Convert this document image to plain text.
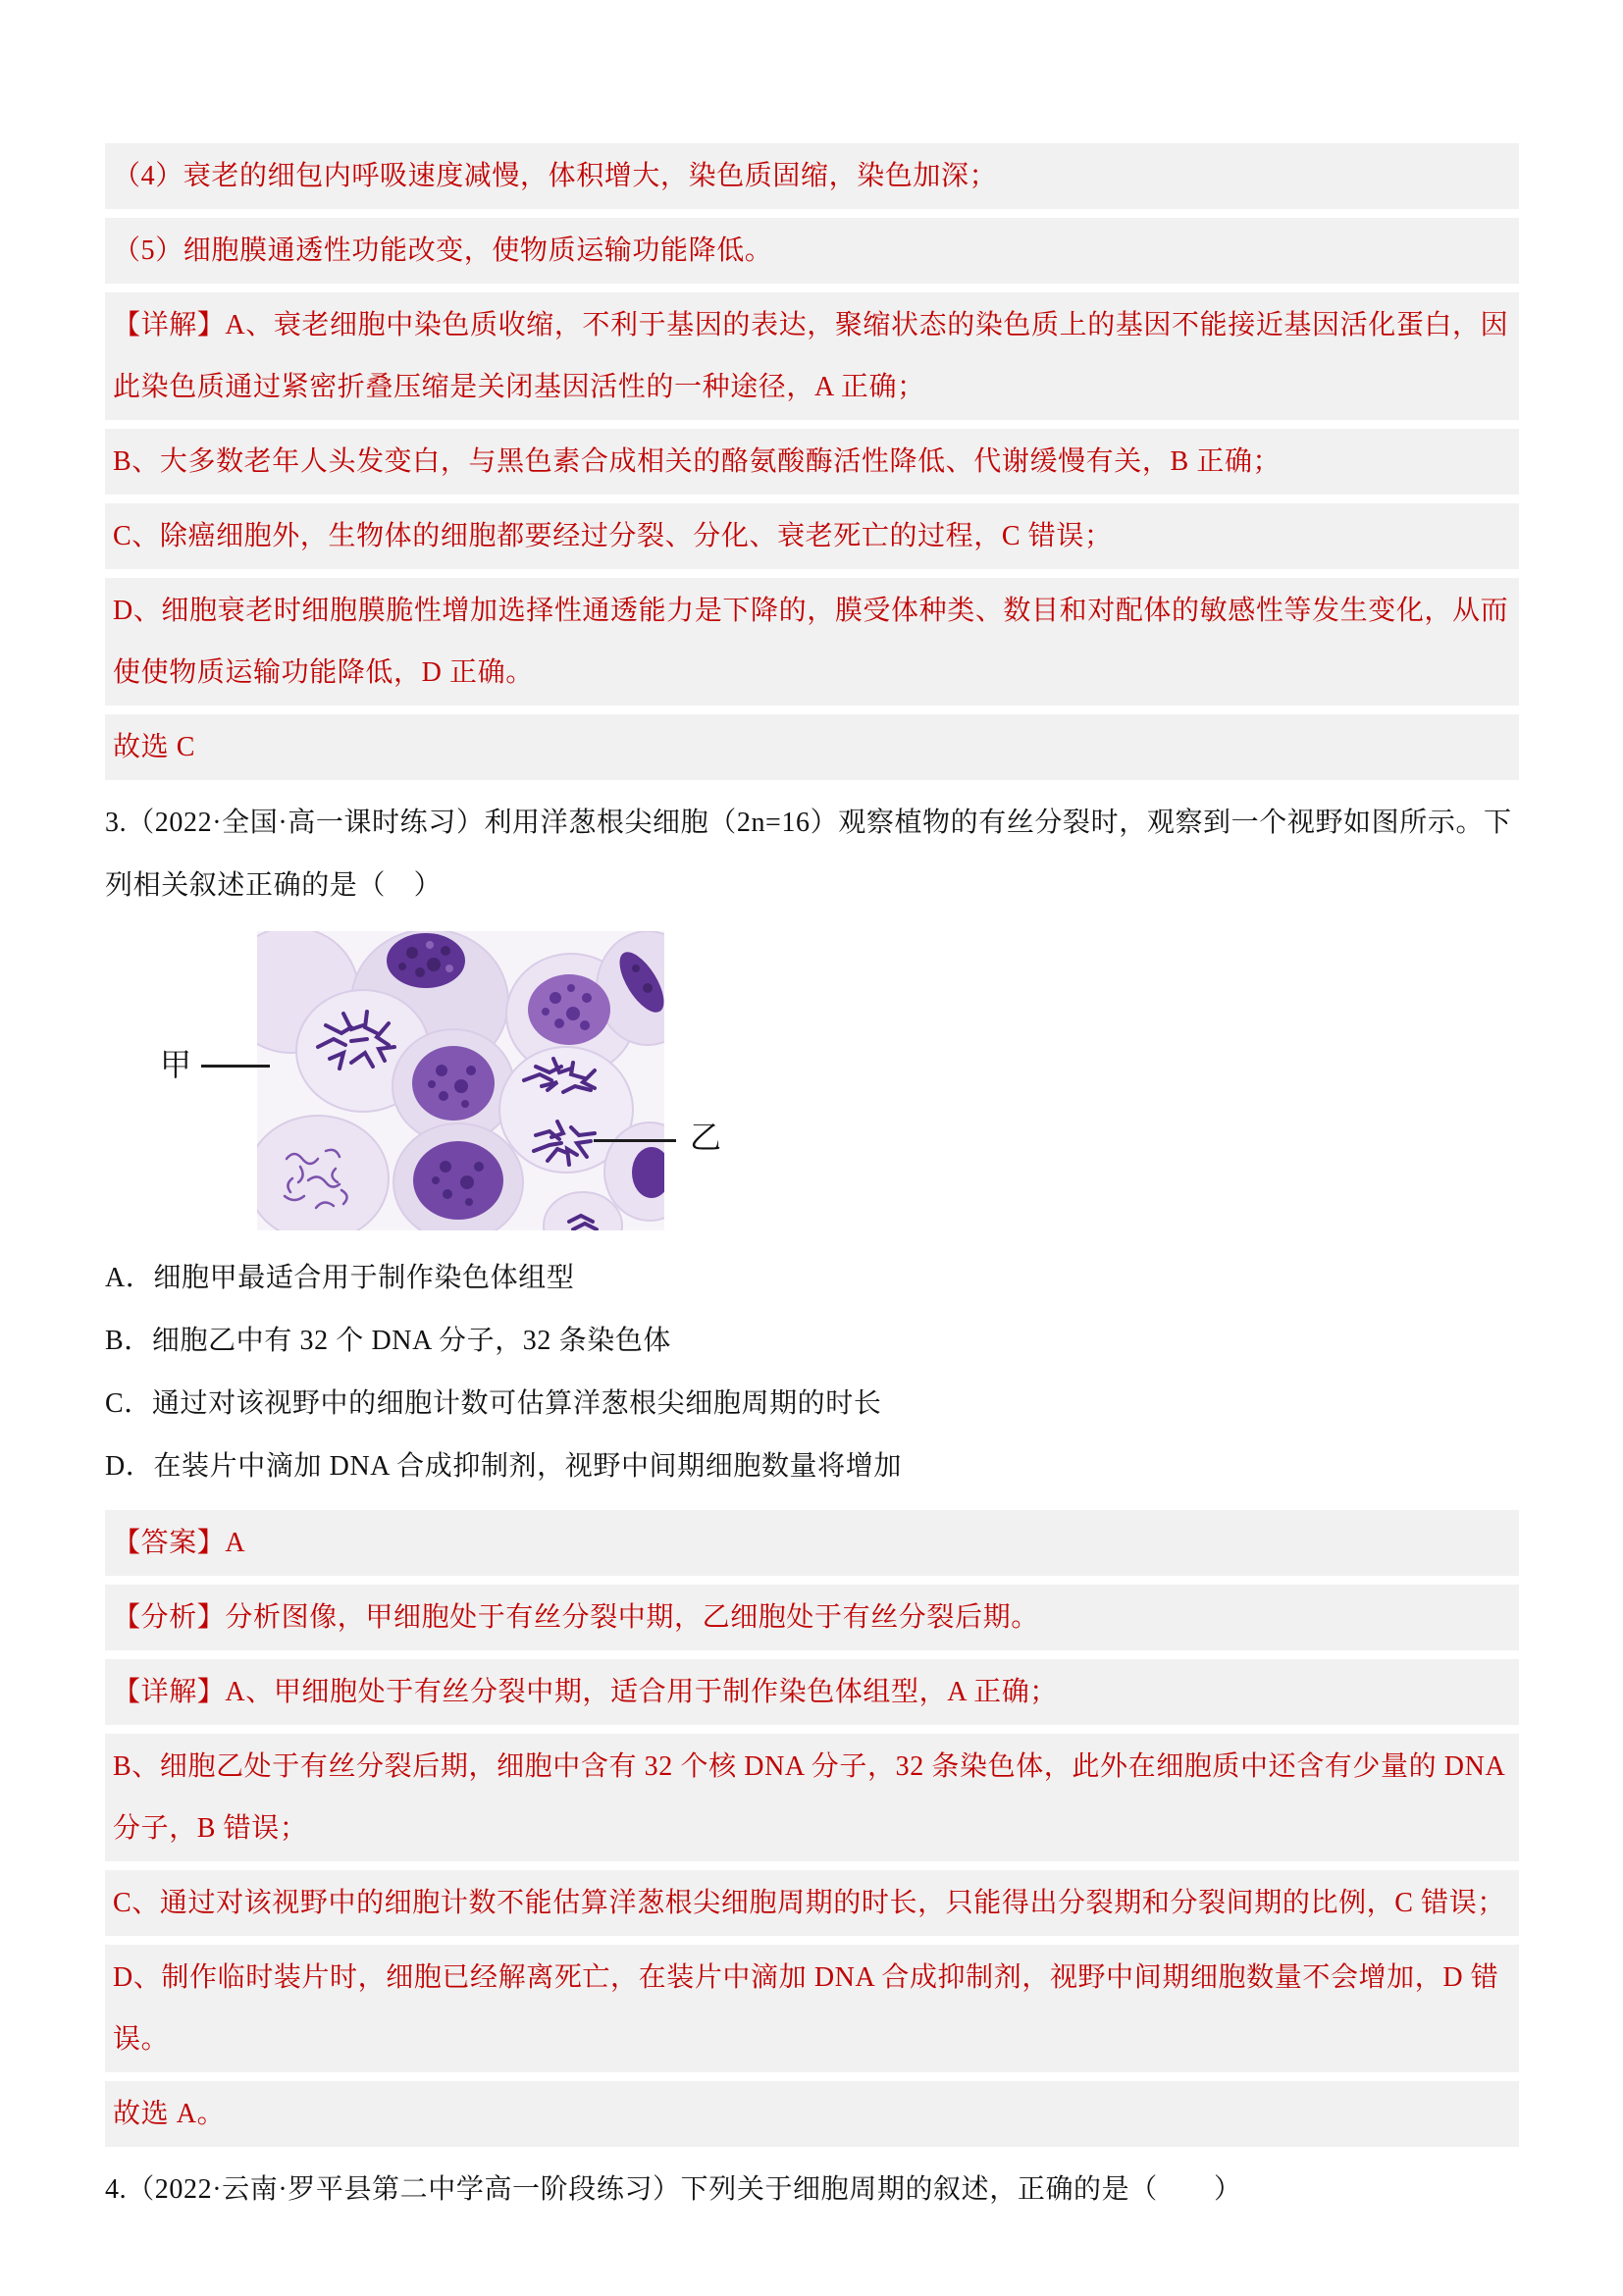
（4）衰老的细包内呼吸速度减慢，体积增大，染色质固缩，染色加深；

（5）细胞膜通透性功能改变，使物质运输功能降低。

【详解】A、衰老细胞中染色质收缩，不利于基因的表达，聚缩状态的染色质上的基因不能接近基因活化蛋白，因此染色质通过紧密折叠压缩是关闭基因活性的一种途径，A 正确；

B、大多数老年人头发变白，与黑色素合成相关的酪氨酸酶活性降低、代谢缓慢有关，B 正确；

C、除癌细胞外，生物体的细胞都要经过分裂、分化、衰老死亡的过程，C 错误；

D、细胞衰老时细胞膜脆性增加选择性通透能力是下降的，膜受体种类、数目和对配体的敏感性等发生变化，从而使使物质运输功能降低，D 正确。

故选 C

3.（2022·全国·高一课时练习）利用洋葱根尖细胞（2n=16）观察植物的有丝分裂时，观察到一个视野如图所示。下列相关叙述正确的是（　）

甲
乙

A．细胞甲最适合用于制作染色体组型

B．细胞乙中有 32 个 DNA 分子，32 条染色体

C．通过对该视野中的细胞计数可估算洋葱根尖细胞周期的时长

D．在装片中滴加 DNA 合成抑制剂，视野中间期细胞数量将增加

【答案】A

【分析】分析图像，甲细胞处于有丝分裂中期，乙细胞处于有丝分裂后期。

【详解】A、甲细胞处于有丝分裂中期，适合用于制作染色体组型，A 正确；

B、细胞乙处于有丝分裂后期，细胞中含有 32 个核 DNA 分子，32 条染色体，此外在细胞质中还含有少量的 DNA 分子，B 错误；

C、通过对该视野中的细胞计数不能估算洋葱根尖细胞周期的时长，只能得出分裂期和分裂间期的比例，C 错误；

D、制作临时装片时，细胞已经解离死亡，在装片中滴加 DNA 合成抑制剂，视野中间期细胞数量不会增加，D 错误。

故选 A。

4.（2022·云南·罗平县第二中学高一阶段练习）下列关于细胞周期的叙述，正确的是（　　）
